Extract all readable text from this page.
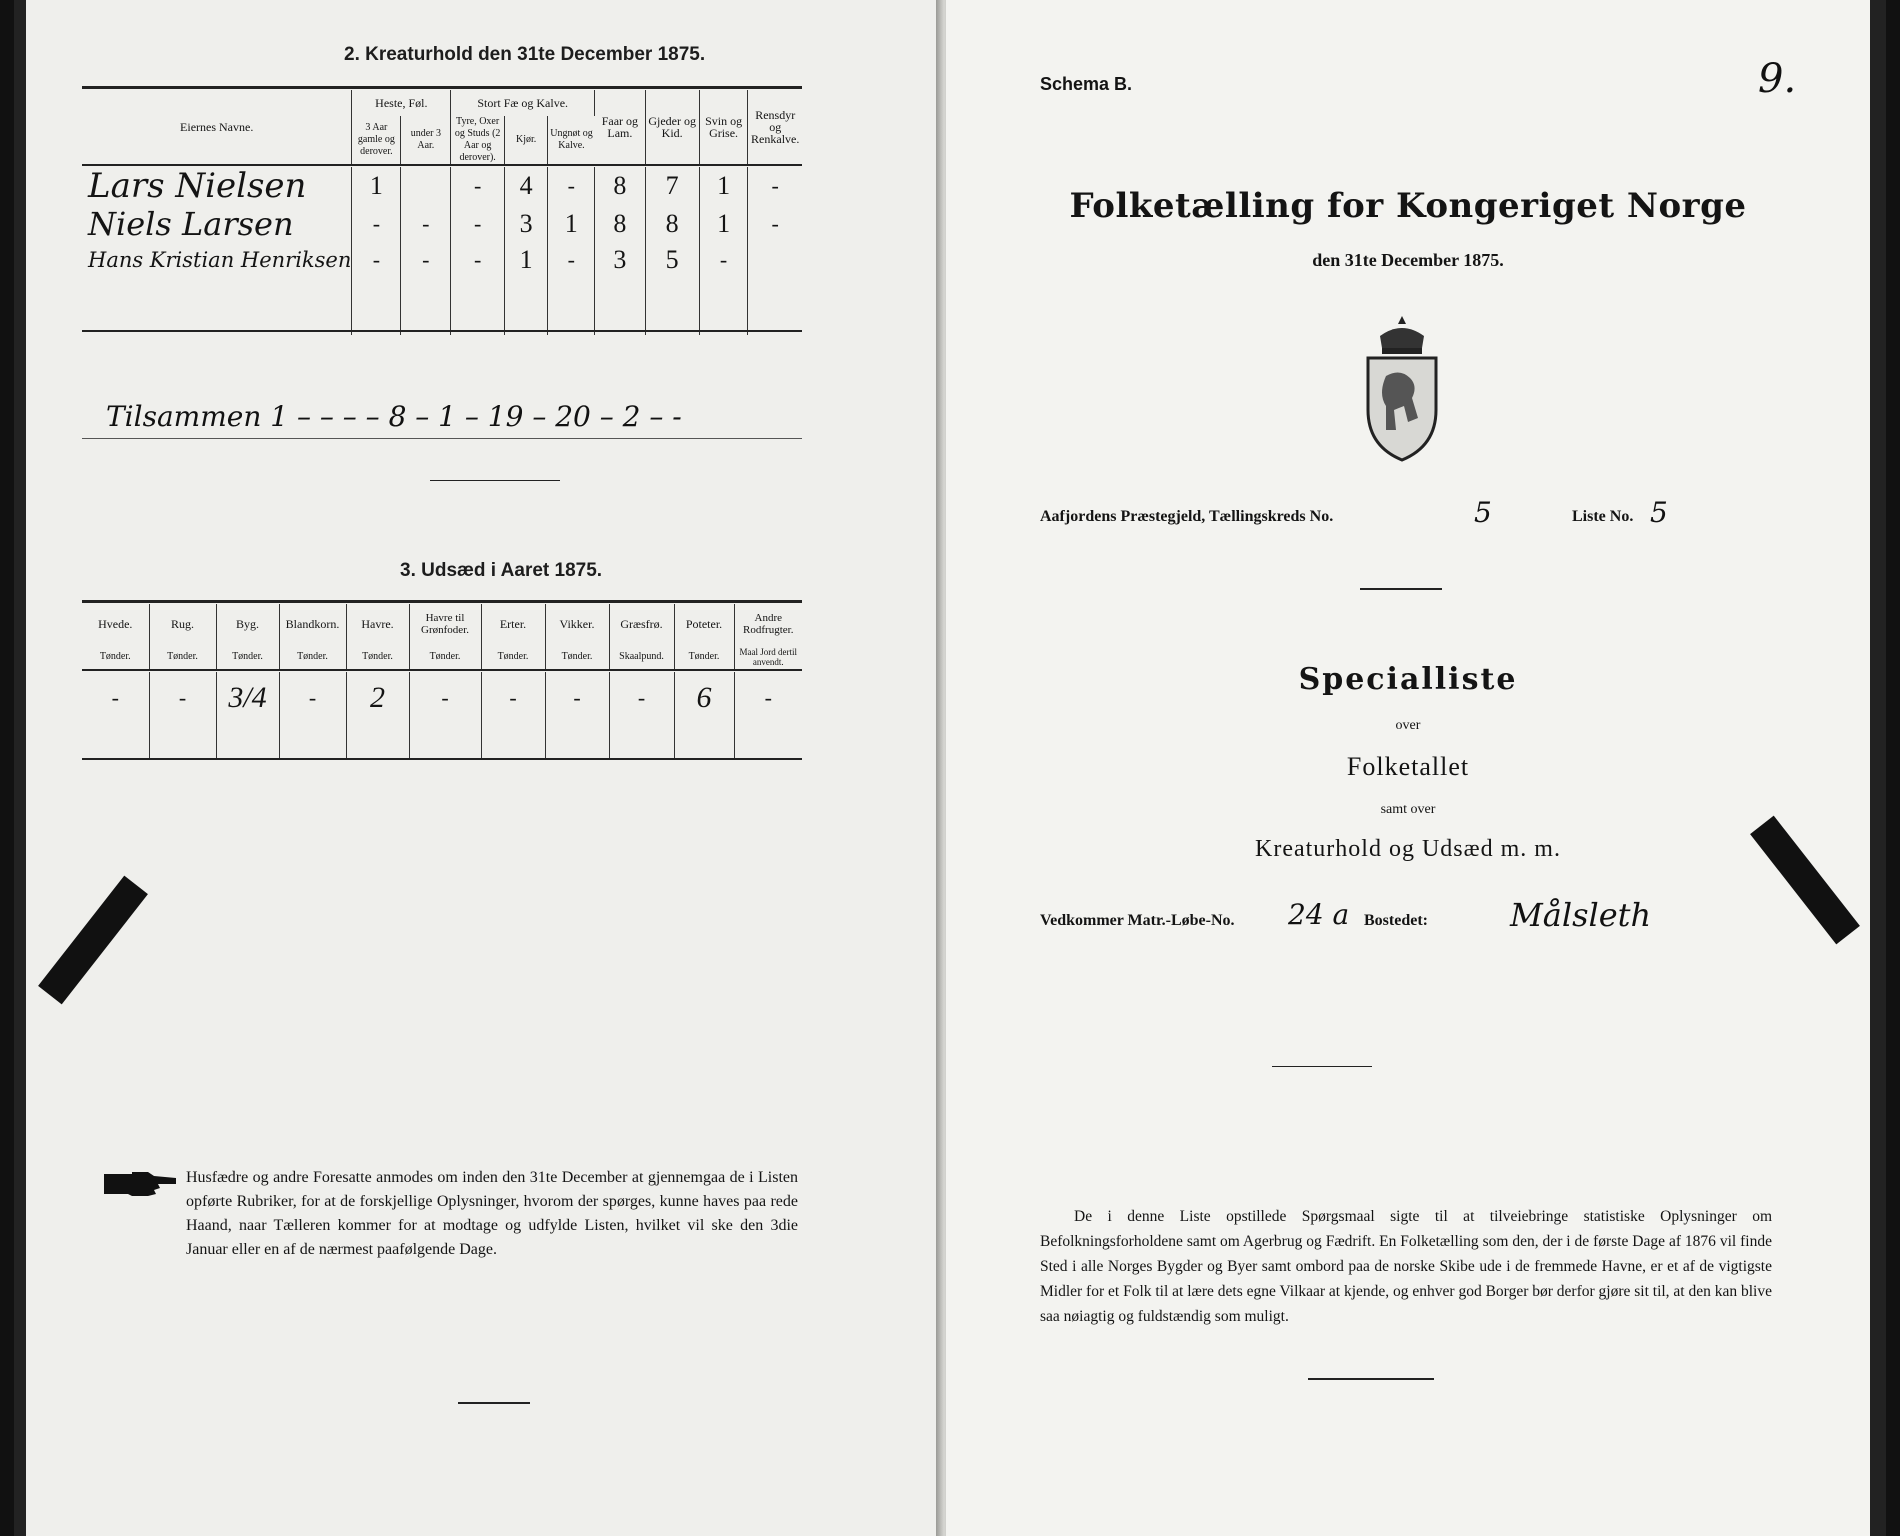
2. Kreaturhold den 31te December 1875.
Eiernes Navne.	Heste, Føl.		Stort Fæ og Kalve.			Faar og Lam.	Gjeder og Kid.	Svin og Grise.	Rensdyr og Renkalve.
	3 Aar gamle og derover.	under 3 Aar.	Tyre, Oxer og Studs (2 Aar og derover).	Kjør.	Ungnøt og Kalve.				

Lars Nielsen	1		-	4	-	8	7	1	-
Niels Larsen	-	-	-	3	1	8	8	1	-
Hans Kristian Henriksen	-	-	-	1	-	3	5	-	

Tilsammen 1 – – – – 8 – 1 – 19 – 20 – 2 – -
3. Udsæd i Aaret 1875.
Hvede.	Rug.	Byg.	Blandkorn.	Havre.	Havre til Grønfoder.	Erter.	Vikker.	Græsfrø.	Poteter.	Andre Rodfrugter.
Tønder.	Tønder.	Tønder.	Tønder.	Tønder.	Tønder.	Tønder.	Tønder.	Skaalpund.	Tønder.	Maal Jord dertil anvendt.

-	-	3/4	-	2	-	-	-	-	6	-

Husfædre og andre Foresatte anmodes om inden den 31te December at gjennemgaa de i Listen opførte Rubriker, for at de forskjellige Oplysninger, hvorom der spørges, kunne haves paa rede Haand, naar Tælleren kommer for at modtage og udfylde Listen, hvilket vil ske den 3die Januar eller en af de nærmest paafølgende Dage.
Schema B.	9.
Folketælling for Kongeriget Norge
den 31te December 1875.
Aafjordens Præstegjeld, Tællingskreds No.	5	Liste No. 5
Specialliste
over
Folketallet
samt over
Kreaturhold og Udsæd m. m.
Vedkommer Matr.-Løbe-No. 24 a Bostedet:	Målsleth
De i denne Liste opstillede Spørgsmaal sigte til at tilveiebringe statistiske Oplysninger om Befolkningsforholdene samt om Agerbrug og Fædrift. En Folketælling som den, der i de første Dage af 1876 vil finde Sted i alle Norges Bygder og Byer samt ombord paa de norske Skibe ude i de fremmede Havne, er et af de vigtigste Midler for et Folk til at lære dets egne Vilkaar at kjende, og enhver god Borger bør derfor gjøre sit til, at den kan blive saa nøiagtig og fuldstændig som muligt.
